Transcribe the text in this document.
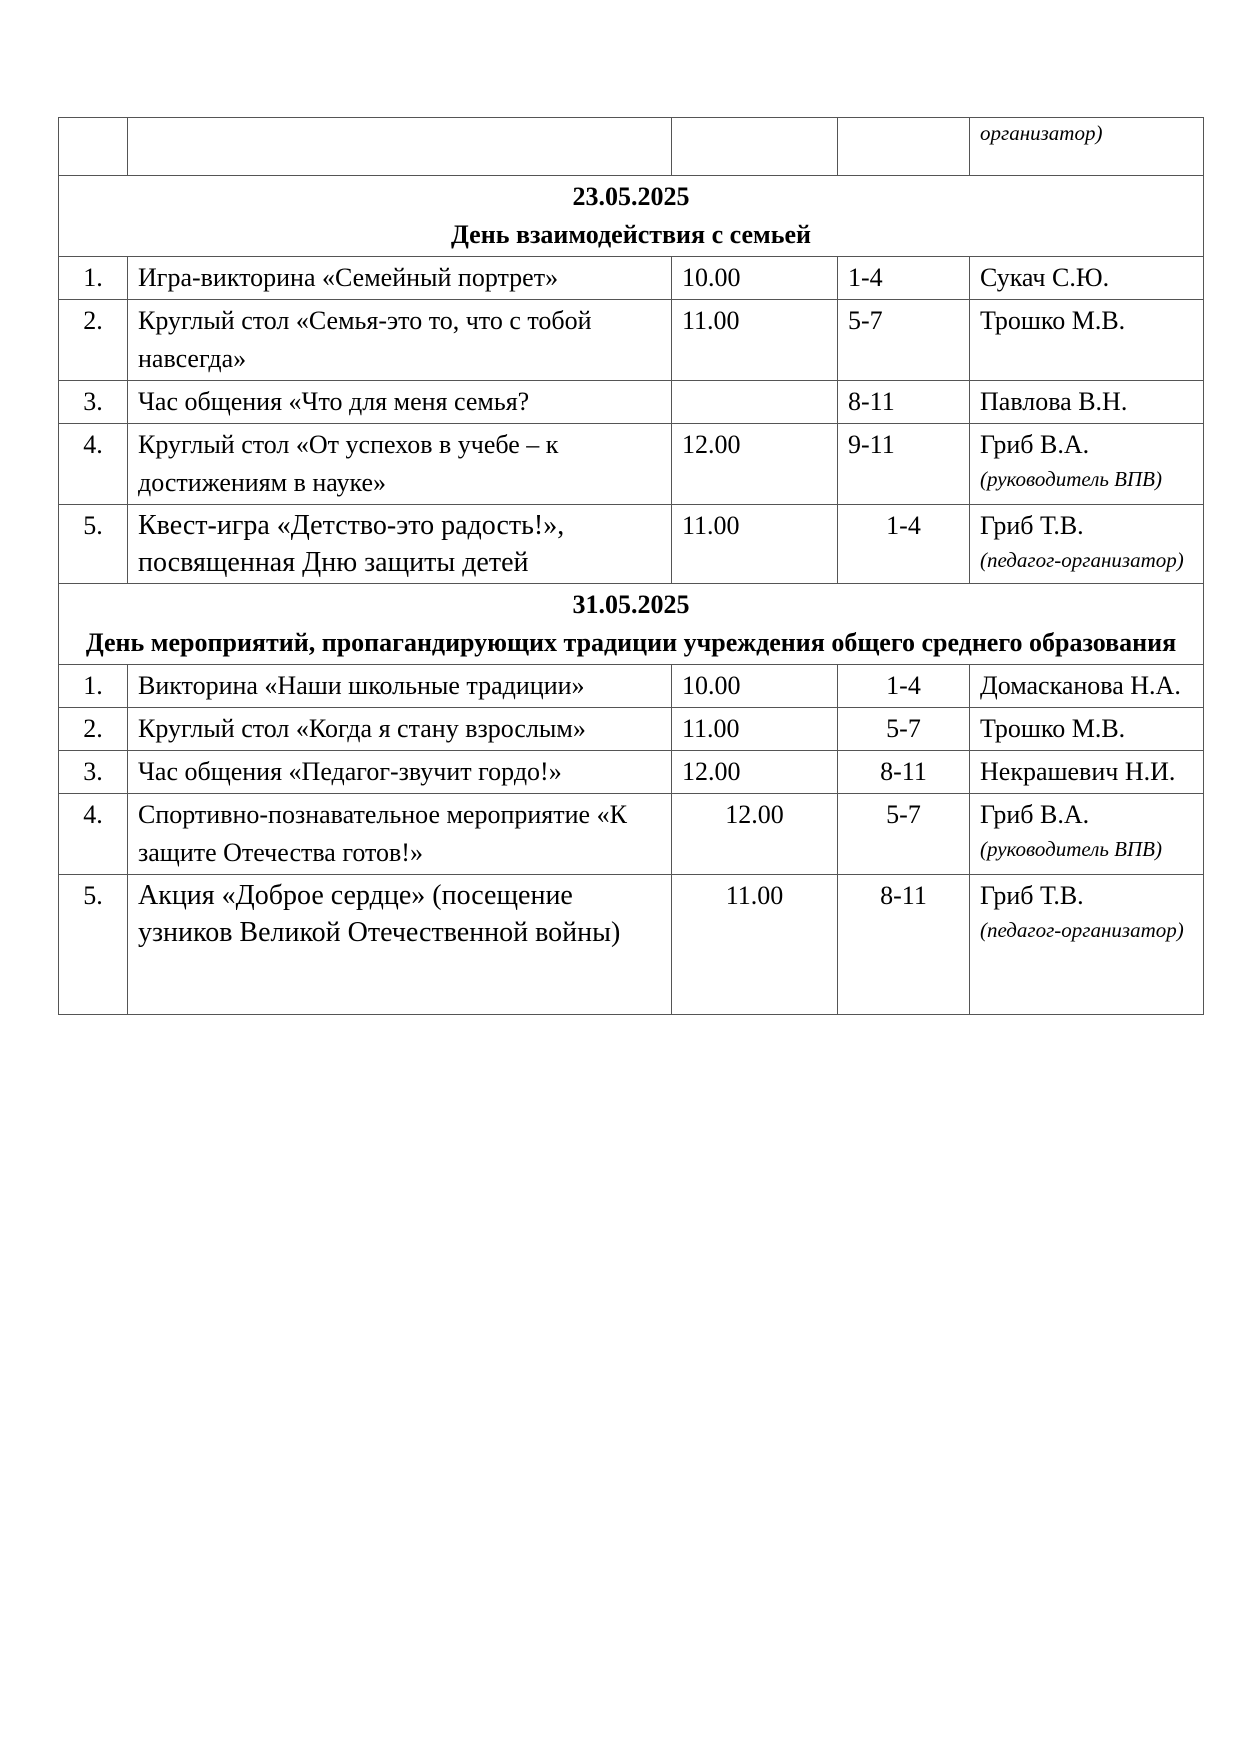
				организатор)

23.05.2025
День взаимодействия с семьей				

1.	Игра-викторина «Семейный портрет»	10.00	1-4	Сукач С.Ю.
2.	Круглый стол «Семья-это то, что с тобой навсегда»	11.00	5-7	Трошко М.В.
3.	Час общения «Что для меня семья?		8-11	Павлова В.Н.
4.	Круглый стол «От успехов в учебе – к достижениям в науке»	12.00	9-11	Гриб В.А.
(руководитель ВПВ)

5.	Квест-игра «Детство-это радость!», посвященная Дню защиты детей	11.00	1-4	Гриб Т.В.
(педагог-организатор)

31.05.2025
День мероприятий, пропагандирующих традиции учреждения общего среднего образования				

1.	Викторина «Наши школьные традиции»	10.00	1-4	Домасканова Н.А.
2.	Круглый стол «Когда я стану взрослым»	11.00	5-7	Трошко М.В.
3.	Час общения «Педагог-звучит гордо!»	12.00	8-11	Некрашевич Н.И.
4.	Спортивно-познавательное мероприятие «К защите Отечества готов!»	12.00	5-7	Гриб В.А.
(руководитель ВПВ)

5.	Акция «Доброе сердце» (посещение узников Великой Отечественной войны)	11.00	8-11	Гриб Т.В.
(педагог-организатор)
